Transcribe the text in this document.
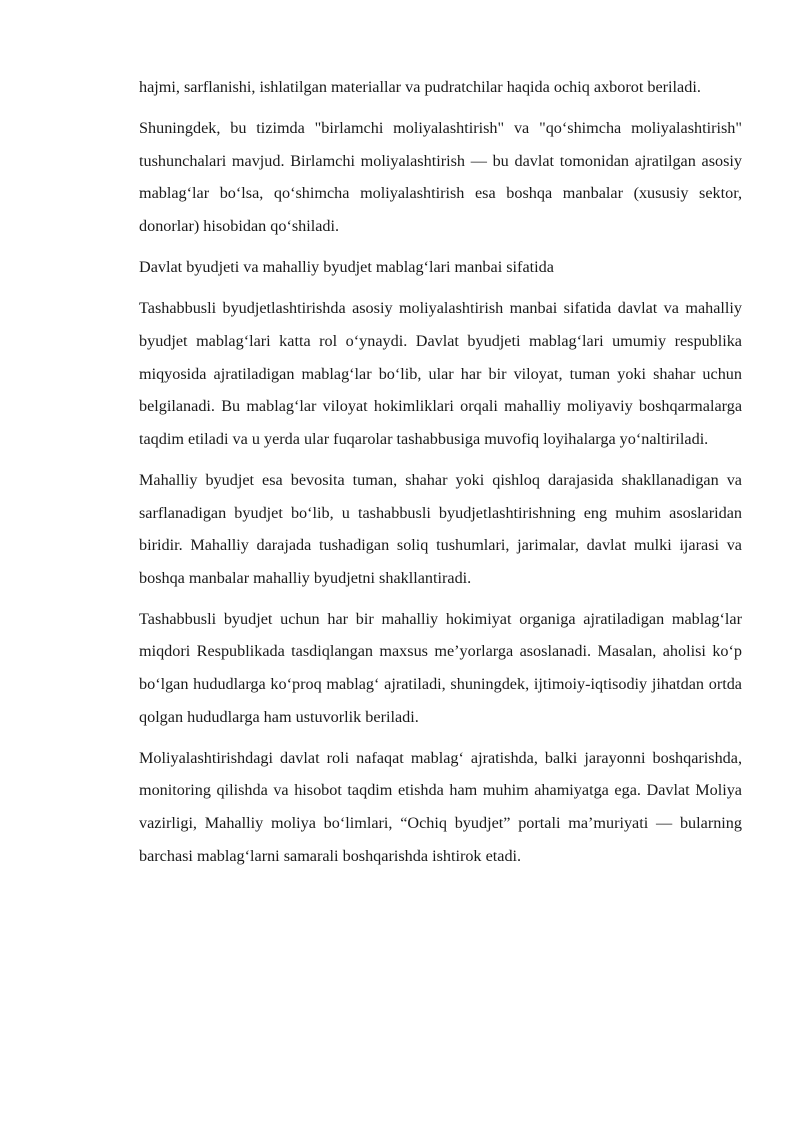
hajmi, sarflanishi, ishlatilgan materiallar va pudratchilar haqida ochiq axborot beriladi.

Shuningdek, bu tizimda "birlamchi moliyalashtirish" va "qo‘shimcha moliyalashtirish" tushunchalari mavjud. Birlamchi moliyalashtirish — bu davlat tomonidan ajratilgan asosiy mablag‘lar bo‘lsa, qo‘shimcha moliyalashtirish esa boshqa manbalar (xususiy sektor, donorlar) hisobidan qo‘shiladi.

Davlat byudjeti va mahalliy byudjet mablag‘lari manbai sifatida

Tashabbusli byudjetlashtirishda asosiy moliyalashtirish manbai sifatida davlat va mahalliy byudjet mablag‘lari katta rol o‘ynaydi. Davlat byudjeti mablag‘lari umumiy respublika miqyosida ajratiladigan mablag‘lar bo‘lib, ular har bir viloyat, tuman yoki shahar uchun belgilanadi. Bu mablag‘lar viloyat hokimliklari orqali mahalliy moliyaviy boshqarmalarga taqdim etiladi va u yerda ular fuqarolar tashabbusiga muvofiq loyihalarga yo‘naltiriladi.

Mahalliy byudjet esa bevosita tuman, shahar yoki qishloq darajasida shakllanadigan va sarflanadigan byudjet bo‘lib, u tashabbusli byudjetlashtirishning eng muhim asoslaridan biridir. Mahalliy darajada tushadigan soliq tushumlari, jarimalar, davlat mulki ijarasi va boshqa manbalar mahalliy byudjetni shakllantiradi.

Tashabbusli byudjet uchun har bir mahalliy hokimiyat organiga ajratiladigan mablag‘lar miqdori Respublikada tasdiqlangan maxsus me’yorlarga asoslanadi. Masalan, aholisi ko‘p bo‘lgan hududlarga ko‘proq mablag‘ ajratiladi, shuningdek, ijtimoiy-iqtisodiy jihatdan ortda qolgan hududlarga ham ustuvorlik beriladi.

Moliyalashtirishdagi davlat roli nafaqat mablag‘ ajratishda, balki jarayonni boshqarishda, monitoring qilishda va hisobot taqdim etishda ham muhim ahamiyatga ega. Davlat Moliya vazirligi, Mahalliy moliya bo‘limlari, “Ochiq byudjet” portali ma’muriyati — bularning barchasi mablag‘larni samarali boshqarishda ishtirok etadi.
